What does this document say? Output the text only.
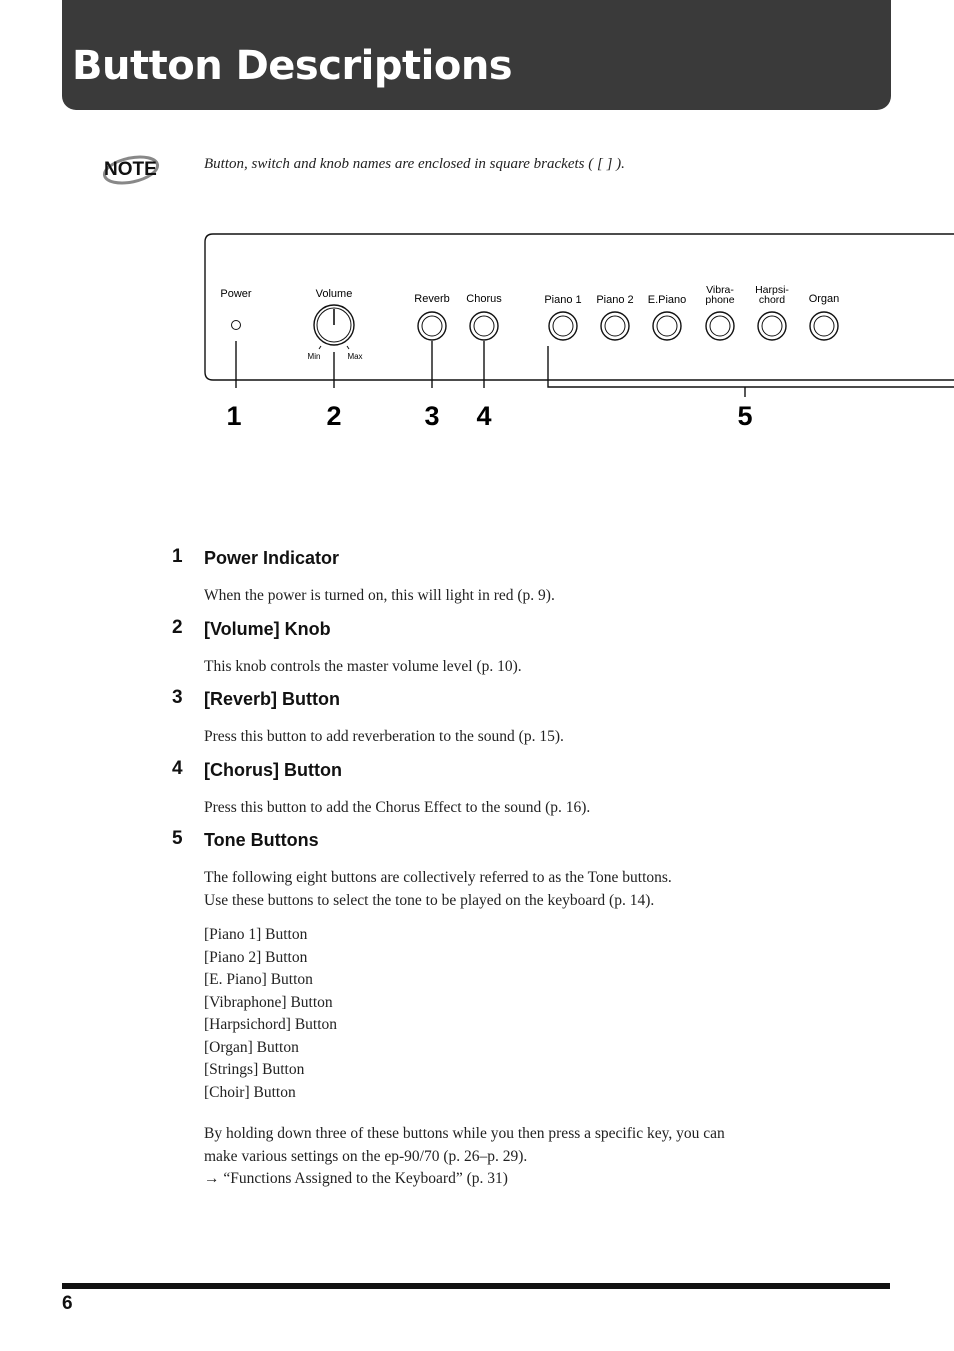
Button Descriptions
NOTE	Button, switch and knob names are enclosed in square brackets ( [ ] ).
Power	Volume
Min	Max
Reverb Chorus	Piano 1 Piano 2 E.Piano
Vibra-
phone
Harpsi-
chord Organ
1	2	3 4	5
1 Power Indicator

When the power is turned on, this will light in red (p. 9).

2 [Volume] Knob

This knob controls the master volume level (p. 10).

3 [Reverb] Button

Press this button to add reverberation to the sound (p. 15).

4 [Chorus] Button

Press this button to add the Chorus Effect to the sound (p. 16).

5 Tone Buttons
The following eight buttons are collectively referred to as the Tone buttons.
Use these buttons to select the tone to be played on the keyboard (p. 14).
[Piano 1] Button
[Piano 2] Button
[E. Piano] Button
[Vibraphone] Button
[Harpsichord] Button
[Organ] Button
[Strings] Button
[Choir] Button
By holding down three of these buttons while you then press a specific key, you can
make various settings on the ep-90/70 (p. 26–p. 29).
→ “Functions Assigned to the Keyboard” (p. 31)
6
